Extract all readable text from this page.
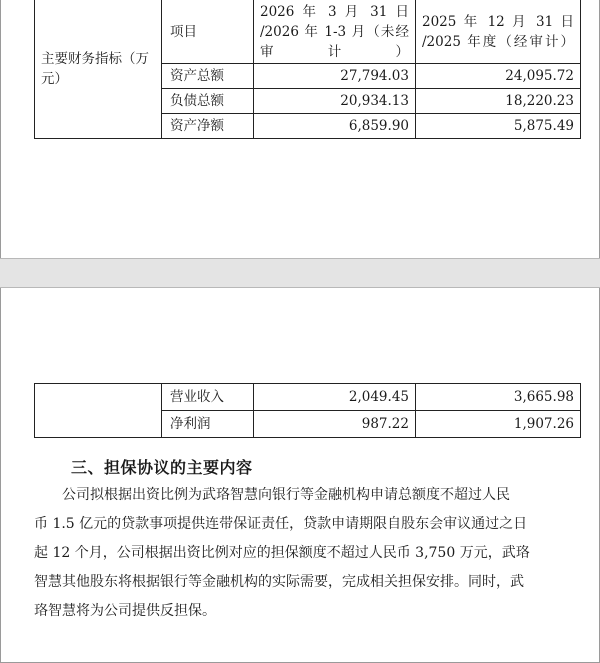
主要财务指标（万元）	项目	2026 年 3 月 31 日 /2026 年 1-3 月（未经审计）	2025 年 12 月 31 日 /2025 年度（经审计）
	资产总额	27,794.03	24,095.72
	负债总额	20,934.13	18,220.23
	资产净额	6,859.90	5,875.49
	营业收入	2,049.45	3,665.98
	净利润	987.22	1,907.26
三、担保协议的主要内容
公司拟根据出资比例为武珞智慧向银行等金融机构申请总额度不超过人民
币 1.5 亿元的贷款事项提供连带保证责任，贷款申请期限自股东会审议通过之日
起 12 个月，公司根据出资比例对应的担保额度不超过人民币 3,750 万元，武珞
智慧其他股东将根据银行等金融机构的实际需要，完成相关担保安排。同时，武
珞智慧将为公司提供反担保。
